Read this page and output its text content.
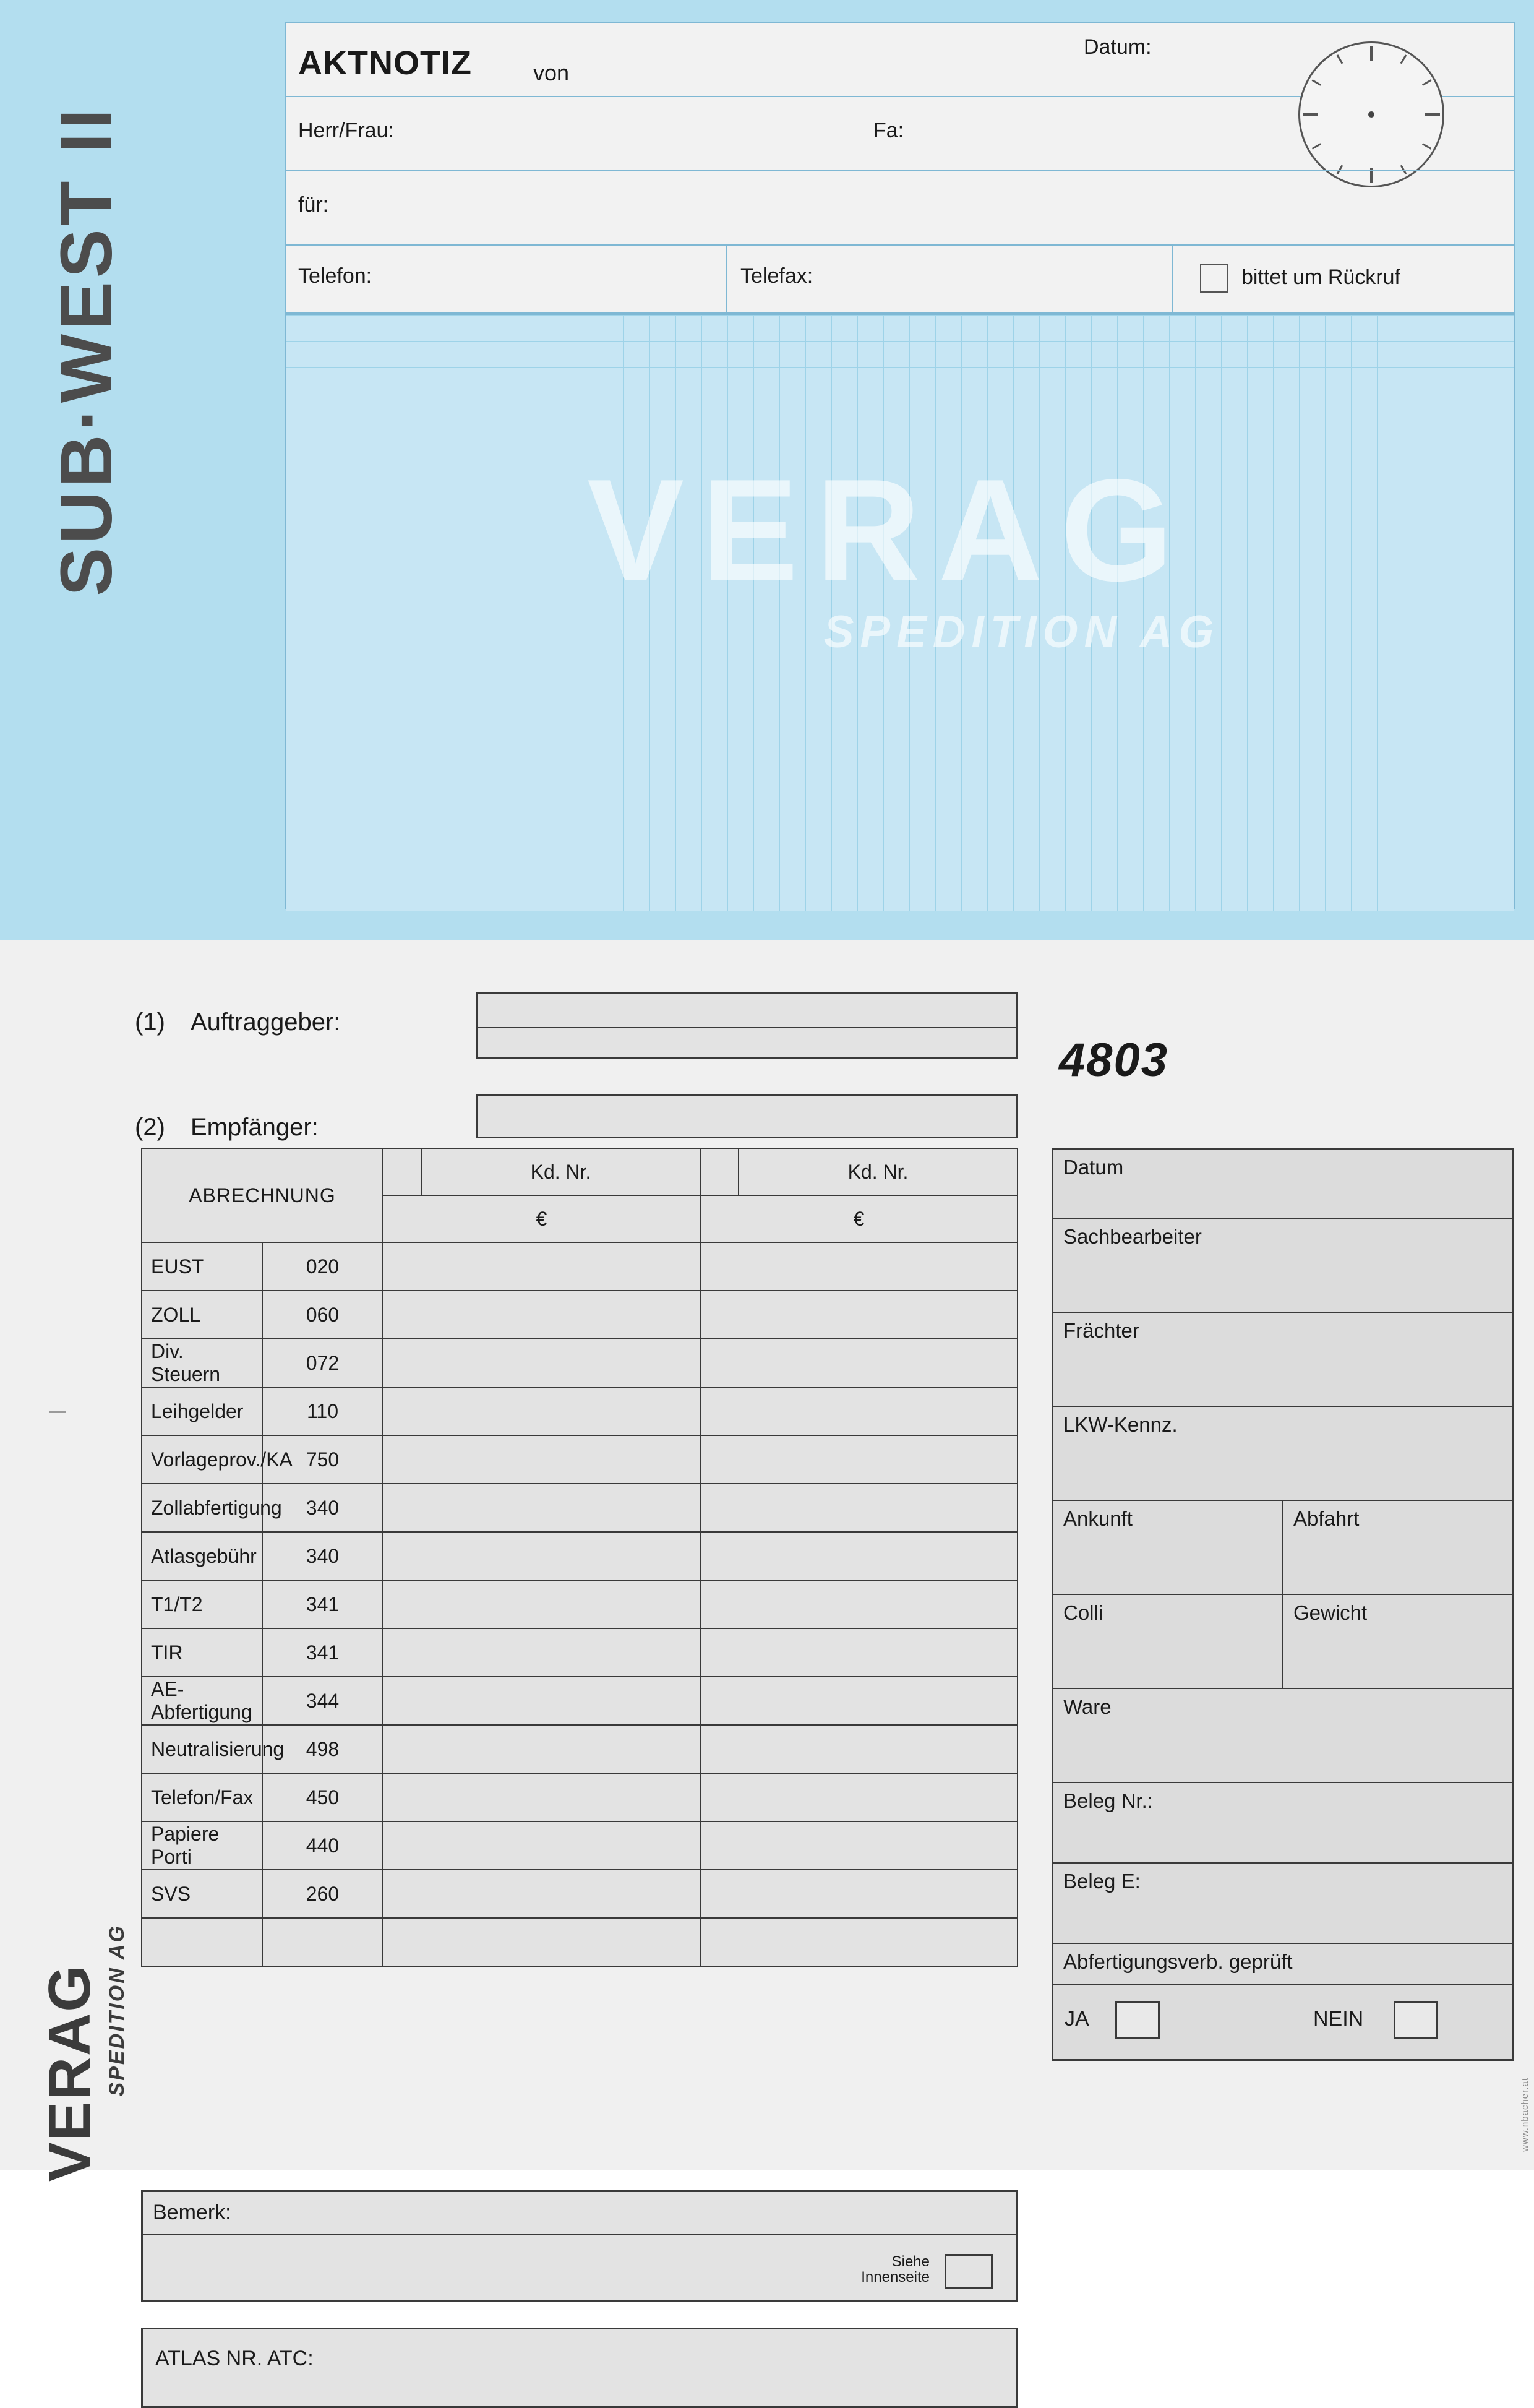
SUB·WEST II
AKTNOTIZ	von
Datum:
Herr/Frau:	Fa:
für:
Telefon:	Telefax:	bittet um Rückruf
VERAG
SPEDITION AG
VERAG SPEDITION AG
(1) Auftraggeber:
(2) Empfänger:
4803
ABRECHNUNG			Kd. Nr.		Kd. Nr.
		€		€	
EUST	020				
ZOLL	060				
Div. Steuern	072				
Leihgelder	110				
Vorlageprov./KA	750				
Zollabfertigung	340				
Atlasgebühr	340				
T1/T2	341				
TIR	341				
AE-Abfertigung	344				
Neutralisierung	498				
Telefon/Fax	450				
Papiere Porti	440				
SVS	260				

Bemerk:
Siehe
Innenseite
ATLAS NR. ATC:
Datum
Sachbearbeiter
Frächter
LKW-Kennz.
Ankunft	Abfahrt
Colli	Gewicht
Ware
Beleg Nr.:
Beleg E:
Abfertigungsverb. geprüft
JA	NEIN
www.nbacher.at
